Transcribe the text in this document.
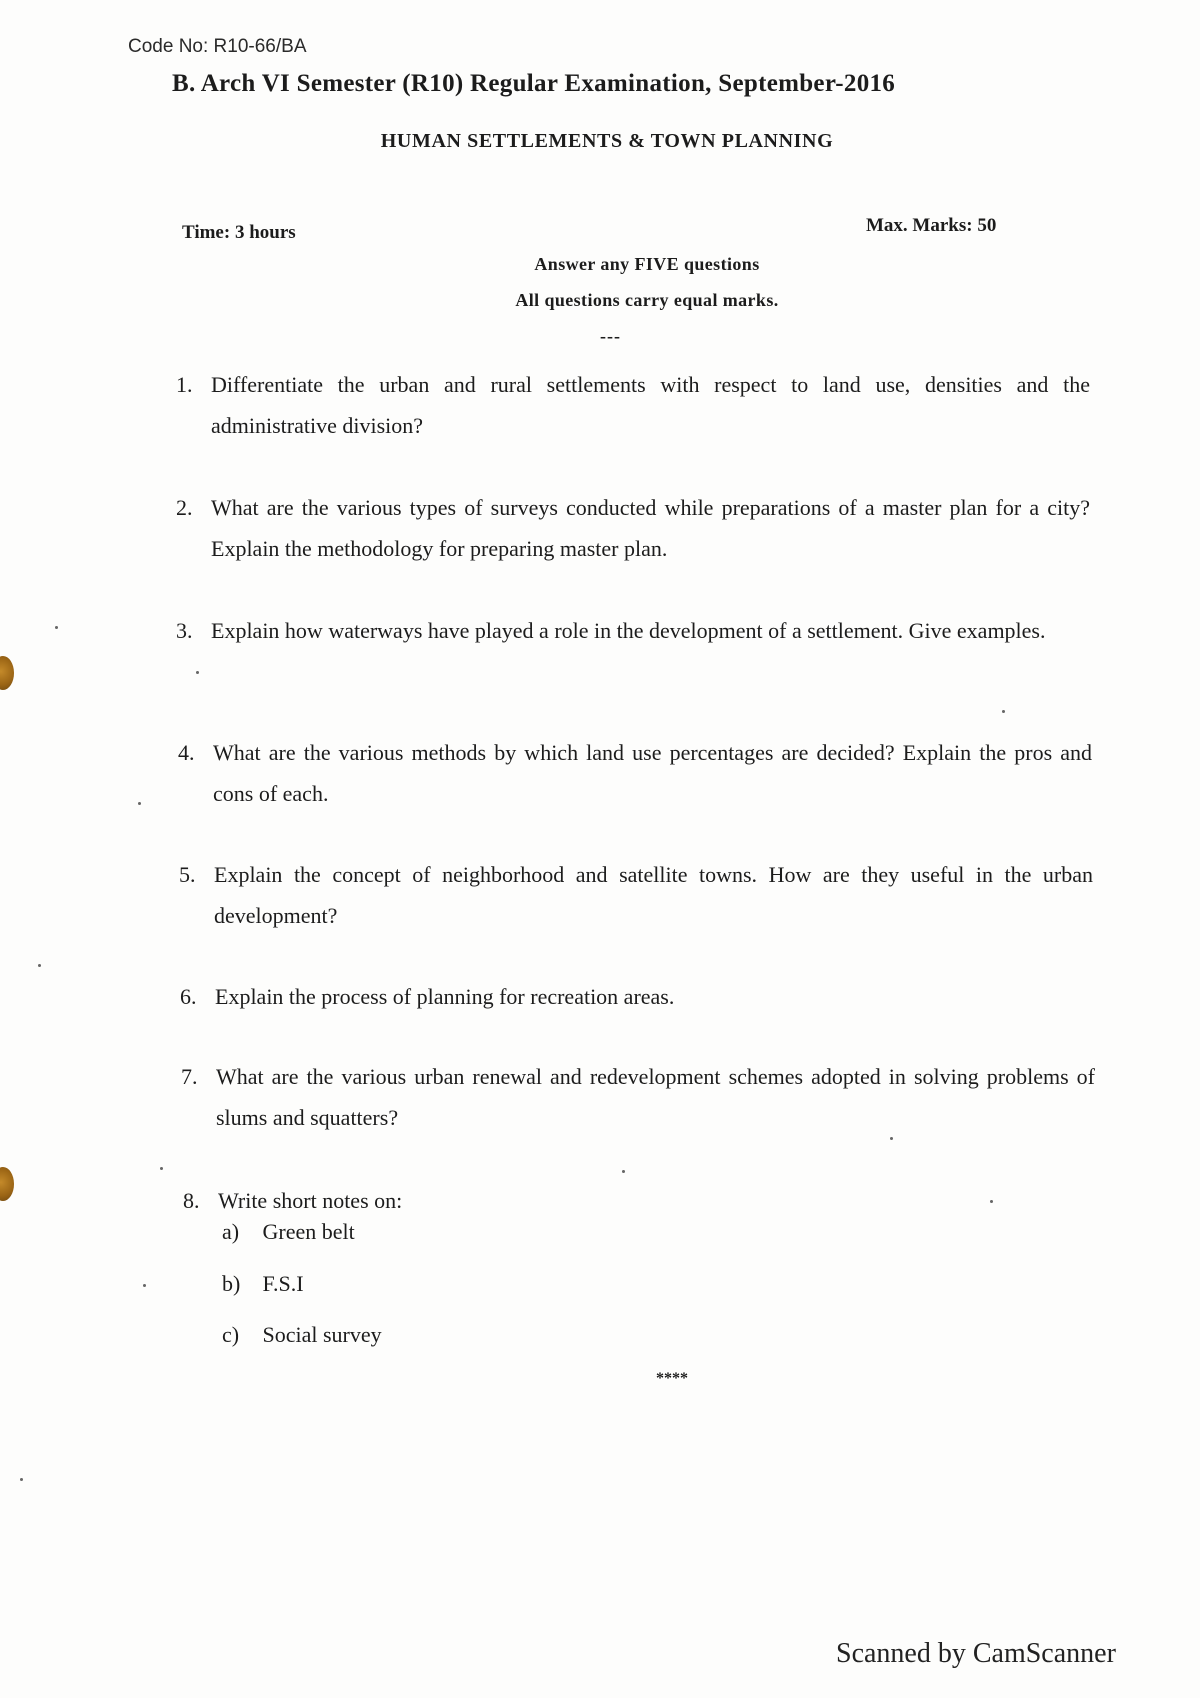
Code No: R10-66/BA
B. Arch VI Semester (R10) Regular Examination, September-2016
HUMAN SETTLEMENTS & TOWN PLANNING
Time: 3 hours	Max. Marks: 50
Answer any FIVE questions
All questions carry equal marks.
---
1. Differentiate the urban and rural settlements with respect to land use, densities and the administrative division?
2. What are the various types of surveys conducted while preparations of a master plan for a city? Explain the methodology for preparing master plan.
3. Explain how waterways have played a role in the development of a settlement. Give examples.
4. What are the various methods by which land use percentages are decided? Explain the pros and cons of each.
5. Explain the concept of neighborhood and satellite towns. How are they useful in the urban development?
6. Explain the process of planning for recreation areas.
7. What are the various urban renewal and redevelopment schemes adopted in solving problems of slums and squatters?
8. Write short notes on:
a) Green belt
b) F.S.I
c) Social survey
****
Scanned by CamScanner
